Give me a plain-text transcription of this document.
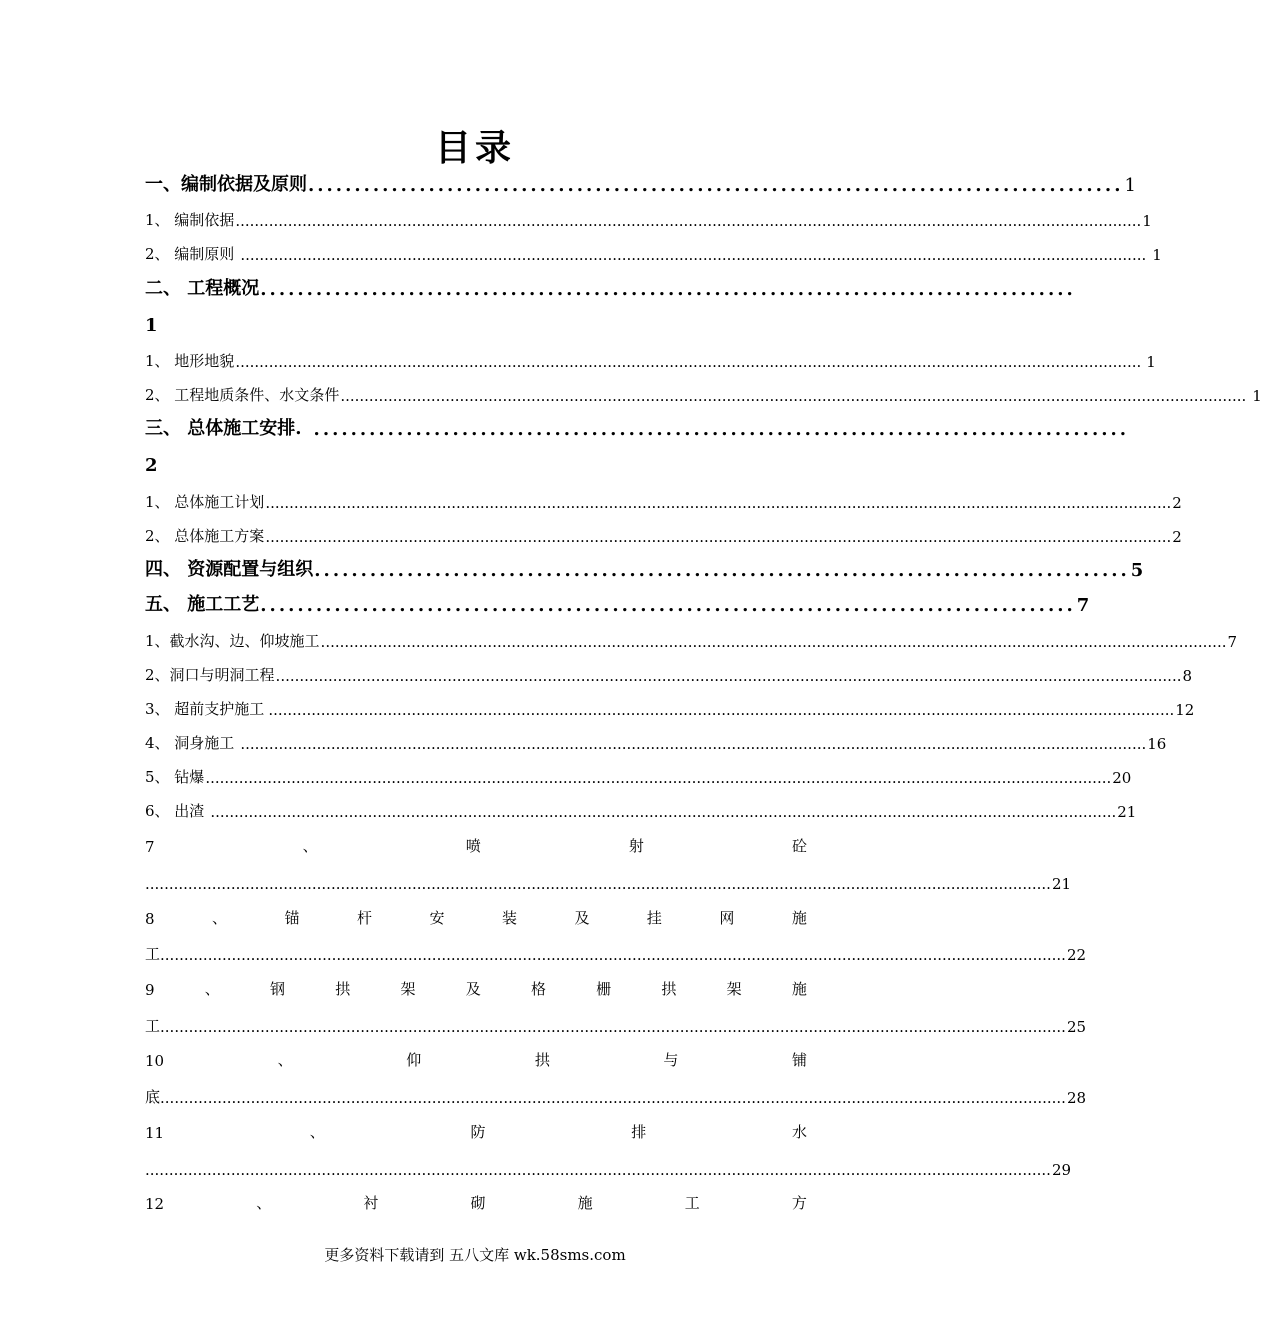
目录
一、编制依据及原则 ........................................................................................ 1
1、 编制依据 .............................................................................................................................................................................................. 1
2、 编制原则 .............................................................................................................................................................................................. 1
二、 工程概况 ........................................................................................
1
1、 地形地貌 .............................................................................................................................................................................................. 1
2、 工程地质条件、水文条件 .............................................................................................................................................................................................. 1
三、 总体施工安排. ........................................................................................
2
1、 总体施工计划 .............................................................................................................................................................................................. 2
2、 总体施工方案 .............................................................................................................................................................................................. 2
四、 资源配置与组织 ........................................................................................ 5
五、 施工工艺 ........................................................................................ 7
1、截水沟、边、仰坡施工 .............................................................................................................................................................................................. 7
2、洞口与明洞工程 .............................................................................................................................................................................................. 8
3、 超前支护施工 .............................................................................................................................................................................................. 12
4、 洞身施工 .............................................................................................................................................................................................. 16
5、 钻爆 .............................................................................................................................................................................................. 20
6、 出渣 .............................................................................................................................................................................................. 21
7	、	喷	射	砼
.............................................................................................................................................................................................. 21
8	、	锚	杆	安	装	及	挂	网	施
工 .............................................................................................................................................................................................. 22
9	、	钢	拱	架	及	格	栅	拱	架	施
工 .............................................................................................................................................................................................. 25
10	、	仰	拱	与	铺
底 .............................................................................................................................................................................................. 28
11	、	防	排	水
.............................................................................................................................................................................................. 29
12	、	衬	砌	施	工	方
更多资料下载请到 五八文库 wk.58sms.com
